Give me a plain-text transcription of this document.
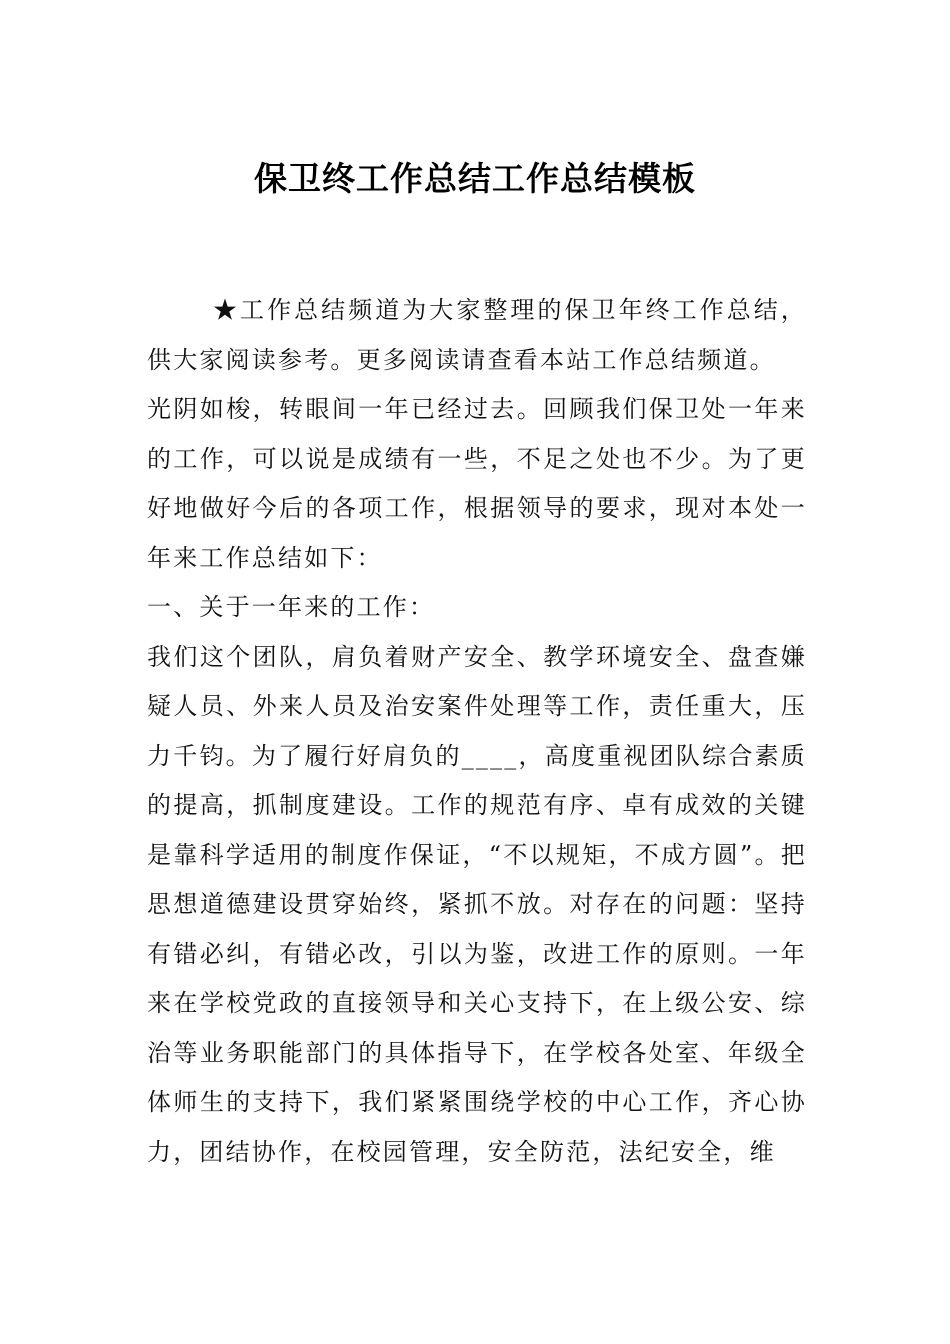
保卫终工作总结工作总结模板

★工作总结频道为大家整理的保卫年终工作总结，供大家阅读参考。更多阅读请查看本站工作总结频道。

光阴如梭，转眼间一年已经过去。回顾我们保卫处一年来的工作，可以说是成绩有一些，不足之处也不少。为了更好地做好今后的各项工作，根据领导的要求，现对本处一年来工作总结如下：

一、关于一年来的工作：

我们这个团队，肩负着财产安全、教学环境安全、盘查嫌疑人员、外来人员及治安案件处理等工作，责任重大，压力千钧。为了履行好肩负的____，高度重视团队综合素质的提高，抓制度建设。工作的规范有序、卓有成效的关键是靠科学适用的制度作保证，“不以规矩，不成方圆”。把思想道德建设贯穿始终，紧抓不放。对存在的问题：坚持有错必纠，有错必改，引以为鉴，改进工作的原则。一年来在学校党政的直接领导和关心支持下，在上级公安、综治等业务职能部门的具体指导下，在学校各处室、年级全体师生的支持下，我们紧紧围绕学校的中心工作，齐心协力，团结协作，在校园管理，安全防范，法纪安全，维
